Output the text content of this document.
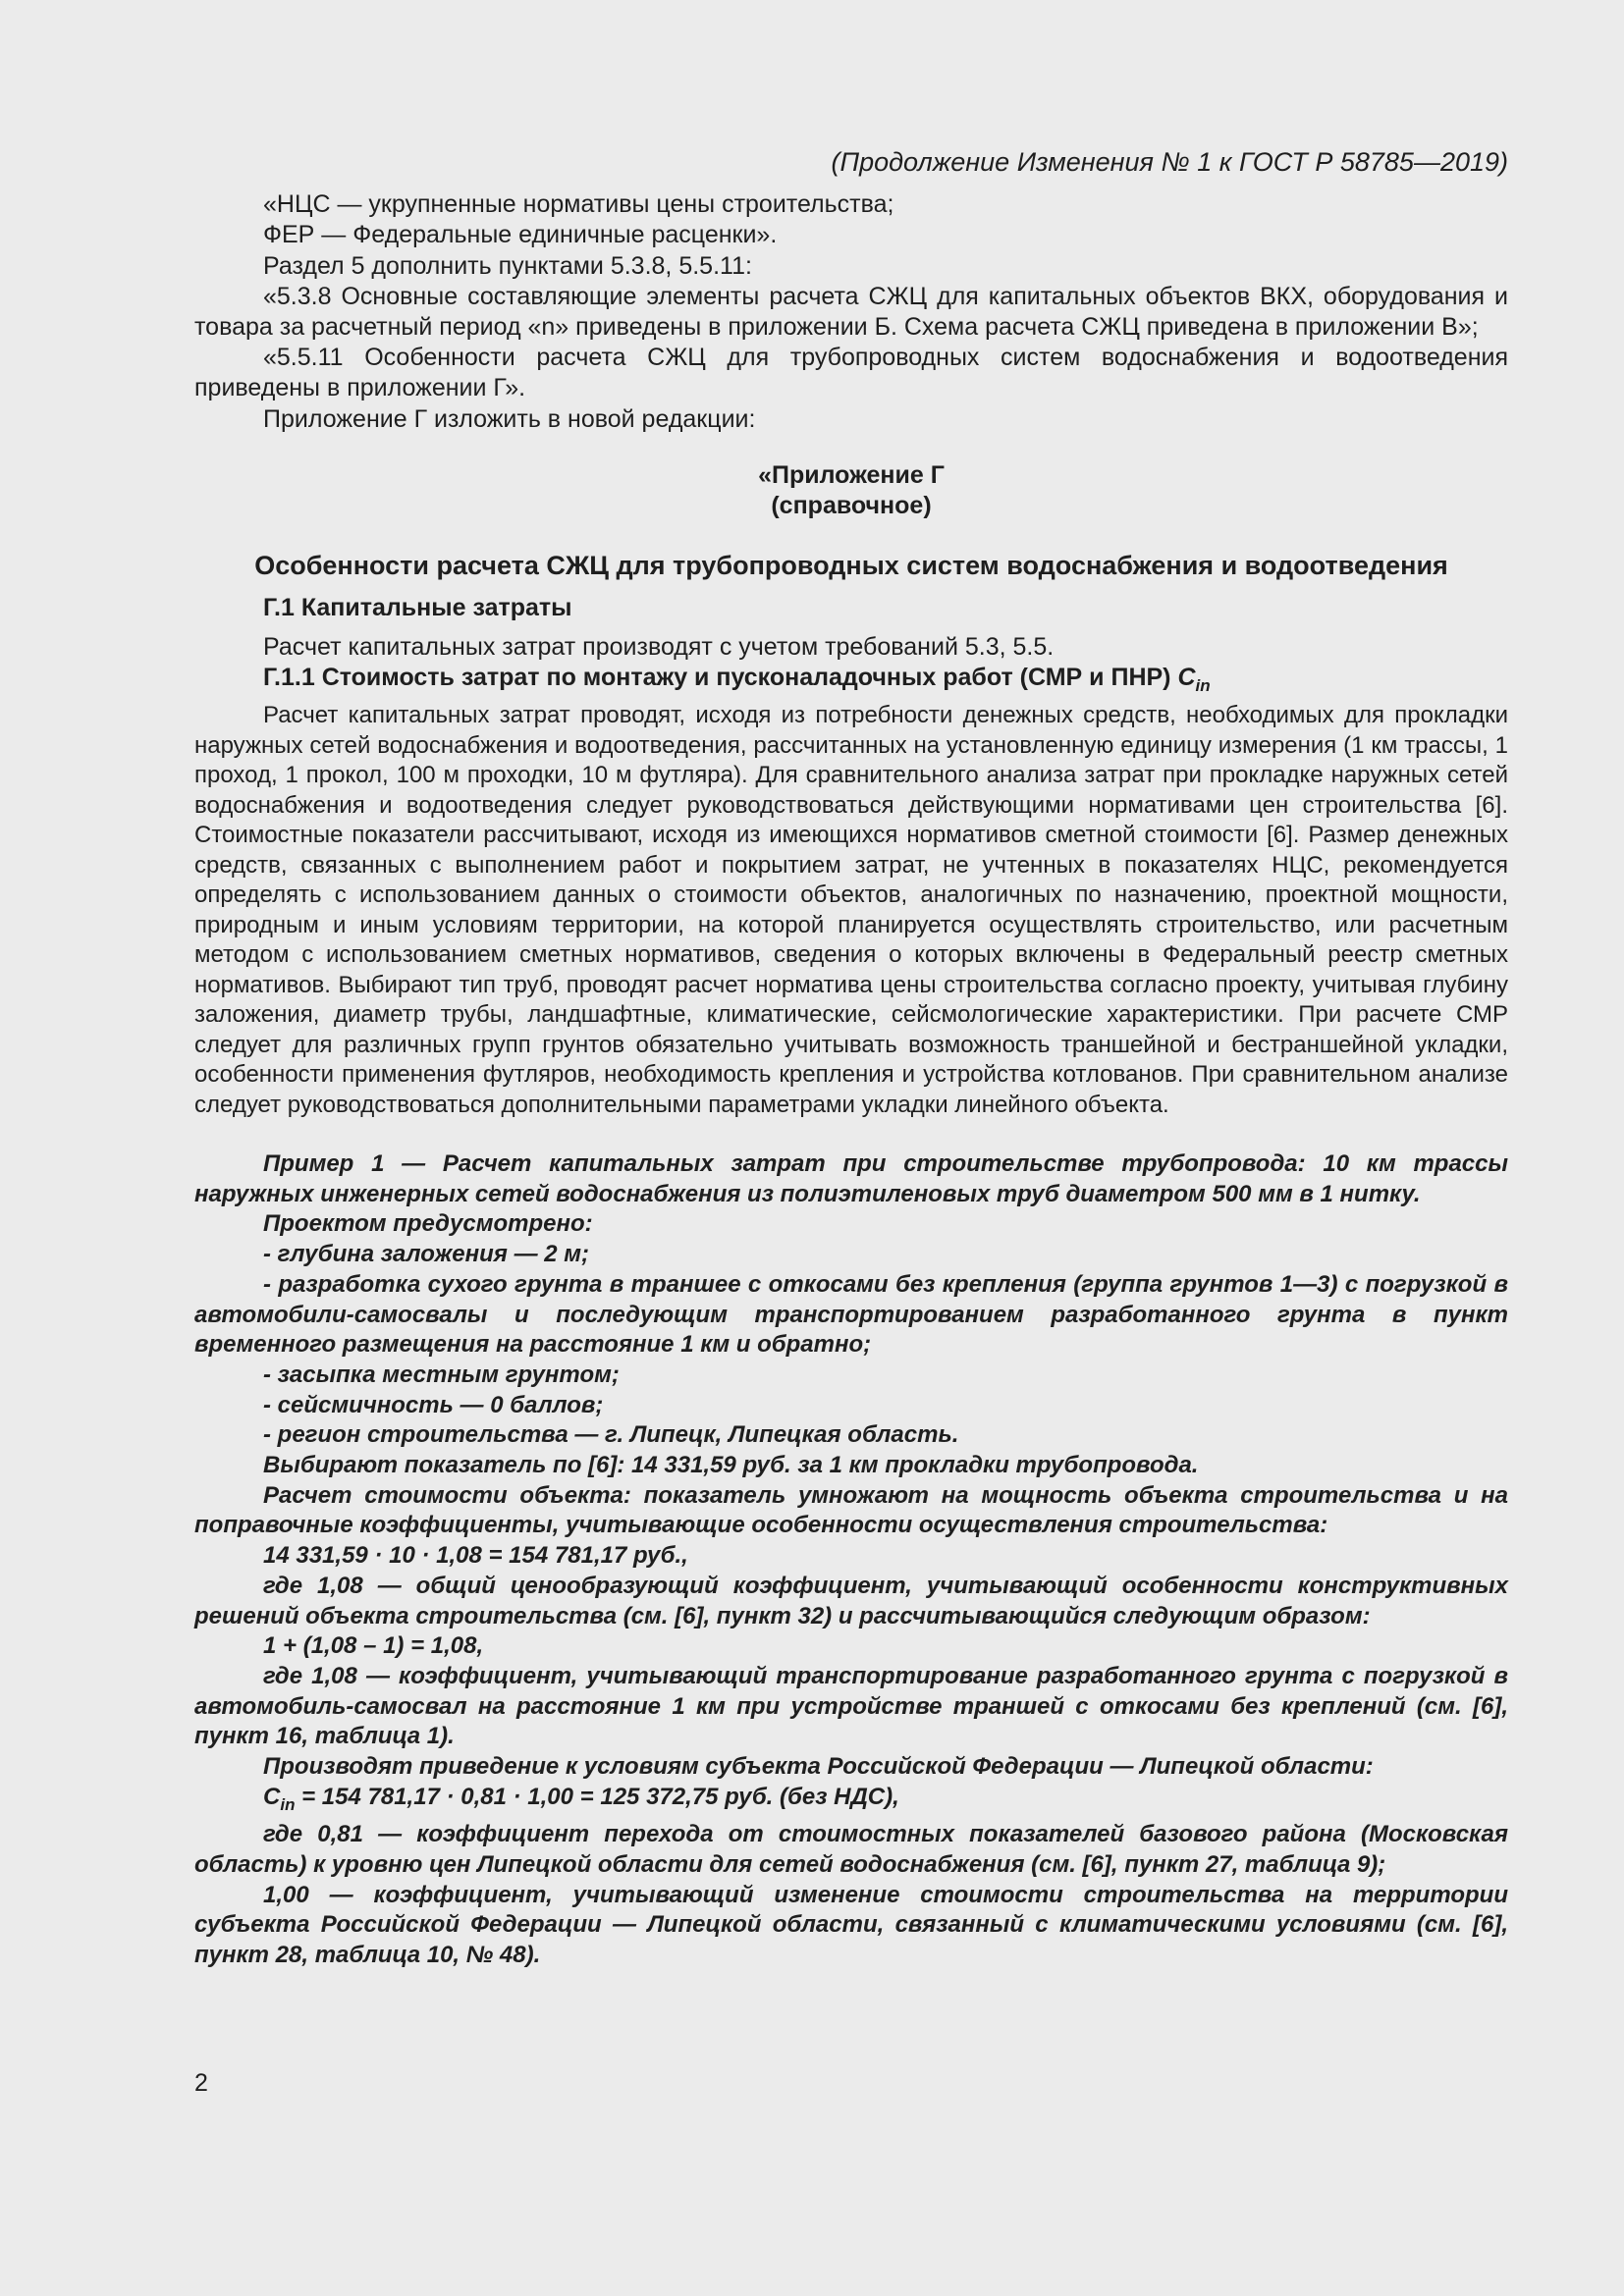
(Продолжение Изменения № 1 к ГОСТ Р 58785—2019)

«НЦС — укрупненные нормативы цены строительства;

ФЕР — Федеральные единичные расценки».

Раздел 5 дополнить пунктами 5.3.8, 5.5.11:

«5.3.8 Основные составляющие элементы расчета СЖЦ для капитальных объектов ВКХ, оборудования и товара за расчетный период «n» приведены в приложении Б. Схема расчета СЖЦ приведена в приложении В»;

«5.5.11 Особенности расчета СЖЦ для трубопроводных систем водоснабжения и водоотведения приведены в приложении Г».

Приложение Г изложить в новой редакции:

«Приложение Г
(справочное)
Особенности расчета СЖЦ для трубопроводных систем водоснабжения и водоотведения

Г.1 Капитальные затраты

Расчет капитальных затрат производят с учетом требований 5.3, 5.5.

Г.1.1 Стоимость затрат по монтажу и пусконаладочных работ (СМР и ПНР) $C_{in}$

Расчет капитальных затрат проводят, исходя из потребности денежных средств, необходимых для прокладки наружных сетей водоснабжения и водоотведения, рассчитанных на установленную единицу измерения (1 км трассы, 1 проход, 1 прокол, 100 м проходки, 10 м футляра). Для сравнительного анализа затрат при прокладке наружных сетей водоснабжения и водоотведения следует руководствоваться действующими нормативами цен строительства [6]. Стоимостные показатели рассчитывают, исходя из имеющихся нормативов сметной стоимости [6]. Размер денежных средств, связанных с выполнением работ и покрытием затрат, не учтенных в показателях НЦС, рекомендуется определять с использованием данных о стоимости объектов, аналогичных по назначению, проектной мощности, природным и иным условиям территории, на которой планируется осуществлять строительство, или расчетным методом с использованием сметных нормативов, сведения о которых включены в Федеральный реестр сметных нормативов. Выбирают тип труб, проводят расчет норматива цены строительства согласно проекту, учитывая глубину заложения, диаметр трубы, ландшафтные, климатические, сейсмологические характеристики. При расчете СМР следует для различных групп грунтов обязательно учитывать возможность траншейной и бестраншейной укладки, особенности применения футляров, необходимость крепления и устройства котлованов. При сравнительном анализе следует руководствоваться дополнительными параметрами укладки линейного объекта.

Пример 1 — Расчет капитальных затрат при строительстве трубопровода: 10 км трассы наружных инженерных сетей водоснабжения из полиэтиленовых труб диаметром 500 мм в 1 нитку.

Проектом предусмотрено:

- глубина заложения — 2 м;

- разработка сухого грунта в траншее с откосами без крепления (группа грунтов 1—3) с погрузкой в автомобили-самосвалы и последующим транспортированием разработанного грунта в пункт временного размещения на расстояние 1 км и обратно;

- засыпка местным грунтом;

- сейсмичность — 0 баллов;

- регион строительства — г. Липецк, Липецкая область.

Выбирают показатель по [6]: 14 331,59 руб. за 1 км прокладки трубопровода.

Расчет стоимости объекта: показатель умножают на мощность объекта строительства и на поправочные коэффициенты, учитывающие особенности осуществления строительства:

14 331,59 · 10 · 1,08 = 154 781,17 руб.,

где 1,08 — общий ценообразующий коэффициент, учитывающий особенности конструктивных решений объекта строительства (см. [6], пункт 32) и рассчитывающийся следующим образом:

1 + (1,08 – 1) = 1,08,

где 1,08 — коэффициент, учитывающий транспортирование разработанного грунта с погрузкой в автомобиль-самосвал на расстояние 1 км при устройстве траншей с откосами без креплений (см. [6], пункт 16, таблица 1).

Производят приведение к условиям субъекта Российской Федерации — Липецкой области:

$C_{in} = 154$ 781,17 · 0,81 · 1,00 = 125 372,75 руб. (без НДС),

где 0,81 — коэффициент перехода от стоимостных показателей базового района (Московская область) к уровню цен Липецкой области для сетей водоснабжения (см. [6], пункт 27, таблица 9);

1,00 — коэффициент, учитывающий изменение стоимости строительства на территории субъекта Российской Федерации — Липецкой области, связанный с климатическими условиями (см. [6], пункт 28, таблица 10, № 48).

2
